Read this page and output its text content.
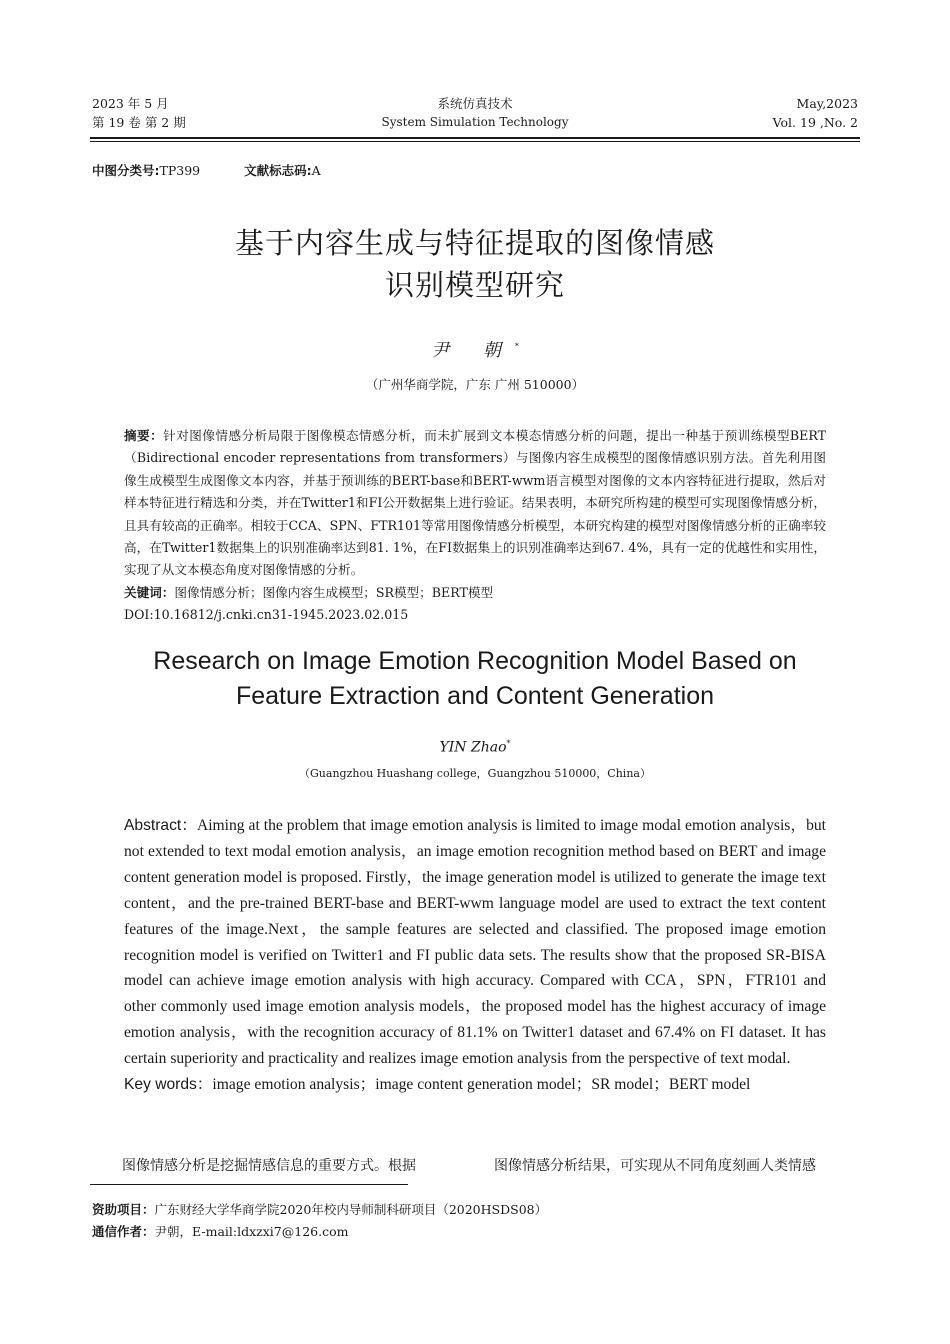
2023 年 5 月
第 19 卷 第 2 期
系统仿真技术
System Simulation Technology
May,2023
Vol. 19 ,No. 2
中图分类号:TP399	文献标志码:A
基于内容生成与特征提取的图像情感
识别模型研究
尹 朝*
（广州华商学院，广东 广州 510000）

摘要：针对图像情感分析局限于图像模态情感分析，而未扩展到文本模态情感分析的问题，提出一种基于预训练模型BERT（Bidirectional encoder representations from transformers）与图像内容生成模型的图像情感识别方法。首先利用图像生成模型生成图像文本内容，并基于预训练的BERT-base和BERT-wwm语言模型对图像的文本内容特征进行提取，然后对样本特征进行精选和分类，并在Twitter1和FI公开数据集上进行验证。结果表明，本研究所构建的模型可实现图像情感分析，且具有较高的正确率。相较于CCA、SPN、FTR101等常用图像情感分析模型，本研究构建的模型对图像情感分析的正确率较高，在Twitter1数据集上的识别准确率达到81. 1%，在FI数据集上的识别准确率达到67. 4%，具有一定的优越性和实用性，实现了从文本模态角度对图像情感的分析。

关键词：图像情感分析；图像内容生成模型；SR模型；BERT模型

DOI:10.16812/j.cnki.cn31-1945.2023.02.015

Research on Image Emotion Recognition Model Based on
Feature Extraction and Content Generation
YIN Zhao*
（Guangzhou Huashang college，Guangzhou 510000，China）

Abstract：Aiming at the problem that image emotion analysis is limited to image modal emotion analysis，but not extended to text modal emotion analysis，an image emotion recognition method based on BERT and image content generation model is proposed. Firstly，the image generation model is utilized to generate the image text content，and the pre-trained BERT-base and BERT-wwm language model are used to extract the text content features of the image.Next，the sample features are selected and classified. The proposed image emotion recognition model is verified on Twitter1 and FI public data sets. The results show that the proposed SR-BISA model can achieve image emotion analysis with high accuracy. Compared with CCA，SPN，FTR101 and other commonly used image emotion analysis models，the proposed model has the highest accuracy of image emotion analysis，with the recognition accuracy of 81.1% on Twitter1 dataset and 67.4% on FI dataset. It has certain superiority and practicality and realizes image emotion analysis from the perspective of text modal.

Key words：image emotion analysis；image content generation model；SR model；BERT model

图像情感分析是挖掘情感信息的重要方式。根据	图像情感分析结果，可实现从不同角度刻画人类情感
资助项目：广东财经大学华商学院2020年校内导师制科研项目（2020HSDS08）
通信作者：尹朝，E-mail:ldxzxi7@126.com
